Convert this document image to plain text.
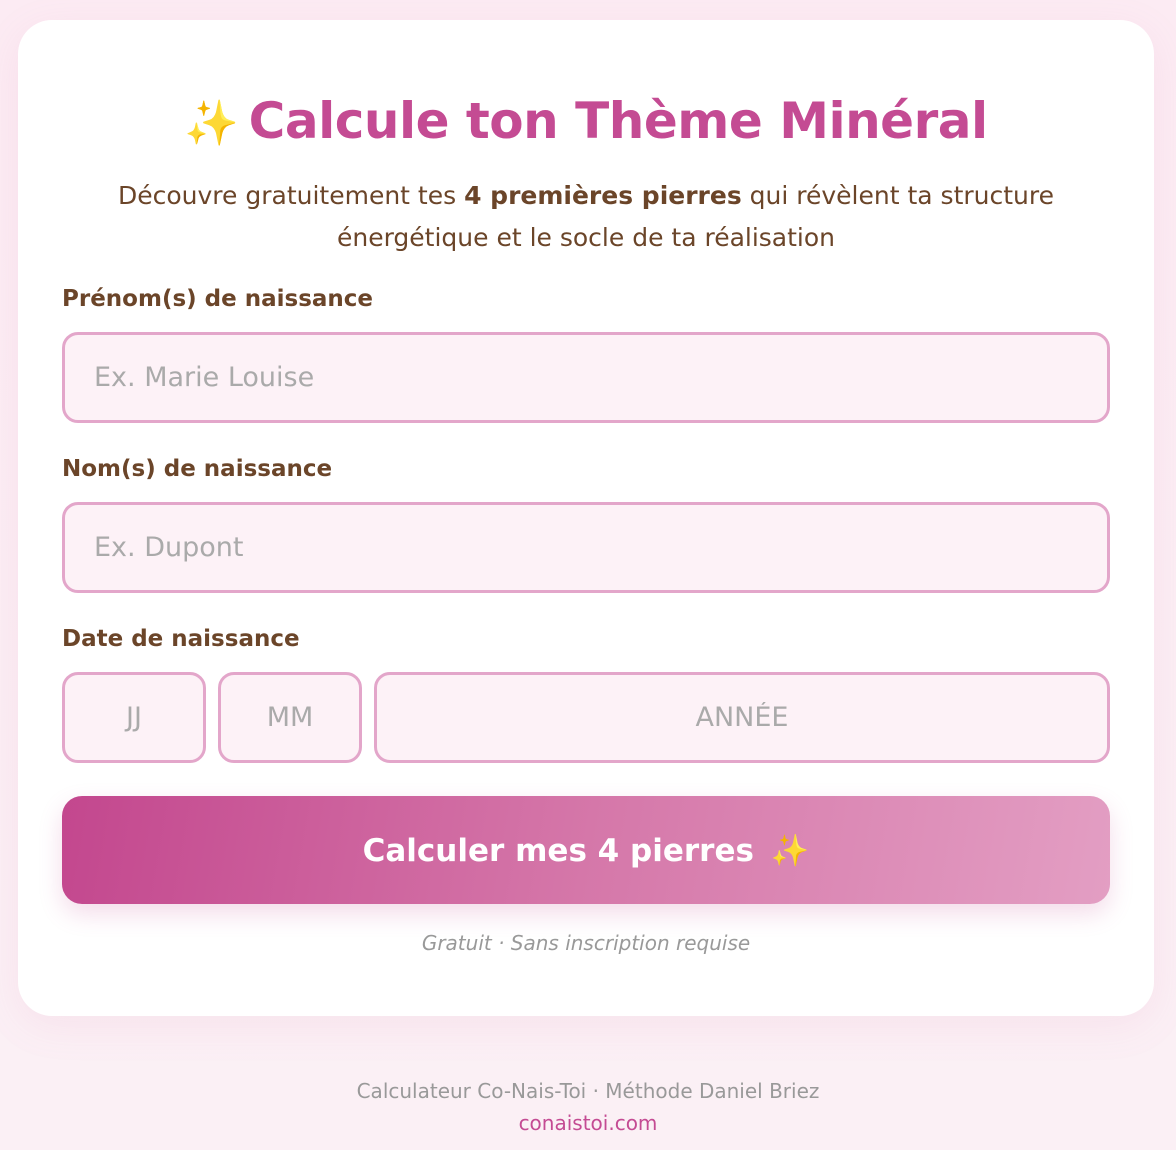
✨ Calcule ton Thème Minéral
Découvre gratuitement tes 4 premières pierres qui révèlent ta structure énergétique et le socle de ta réalisation
Prénom(s) de naissance
Ex. Marie Louise
Nom(s) de naissance
Ex. Dupont
Date de naissance
JJ
MM
ANNÉE
Calculer mes 4 pierres ✨
Gratuit · Sans inscription requise
Calculateur Co-Nais-Toi · Méthode Daniel Briez
conaistoi.com
